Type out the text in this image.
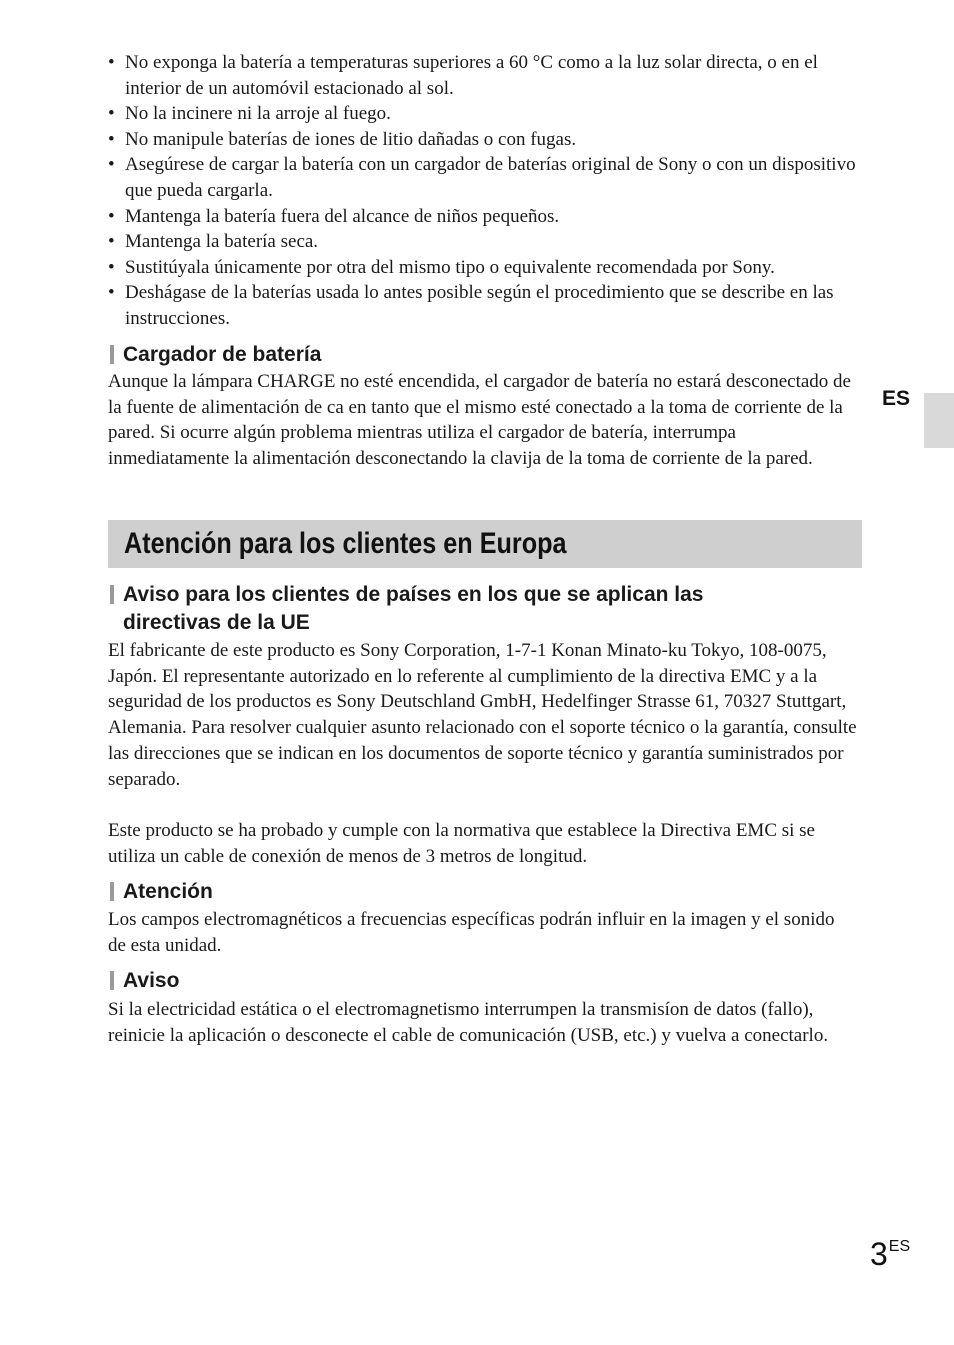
• No exponga la batería a temperaturas superiores a 60 °C como a la luz solar directa, o en el interior de un automóvil estacionado al sol.
• No la incinere ni la arroje al fuego.
• No manipule baterías de iones de litio dañadas o con fugas.
• Asegúrese de cargar la batería con un cargador de baterías original de Sony o con un dispositivo que pueda cargarla.
• Mantenga la batería fuera del alcance de niños pequeños.
• Mantenga la batería seca.
• Sustitúyala únicamente por otra del mismo tipo o equivalente recomendada por Sony.
• Deshágase de la baterías usada lo antes posible según el procedimiento que se describe en las instrucciones.
Cargador de batería
Aunque la lámpara CHARGE no esté encendida, el cargador de batería no estará desconectado de la fuente de alimentación de ca en tanto que el mismo esté conectado a la toma de corriente de la pared. Si ocurre algún problema mientras utiliza el cargador de batería, interrumpa inmediatamente la alimentación desconectando la clavija de la toma de corriente de la pared.
ES
Atención para los clientes en Europa
Aviso para los clientes de países en los que se aplican las directivas de la UE
El fabricante de este producto es Sony Corporation, 1-7-1 Konan Minato-ku Tokyo, 108-0075, Japón. El representante autorizado en lo referente al cumplimiento de la directiva EMC y a la seguridad de los productos es Sony Deutschland GmbH, Hedelfinger Strasse 61, 70327 Stuttgart, Alemania. Para resolver cualquier asunto relacionado con el soporte técnico o la garantía, consulte las direcciones que se indican en los documentos de soporte técnico y garantía suministrados por separado.
Este producto se ha probado y cumple con la normativa que establece la Directiva EMC si se utiliza un cable de conexión de menos de 3 metros de longitud.
Atención
Los campos electromagnéticos a frecuencias específicas podrán influir en la imagen y el sonido de esta unidad.
Aviso
Si la electricidad estática o el electromagnetismo interrumpen la transmisíon de datos (fallo), reinicie la aplicación o desconecte el cable de comunicación (USB, etc.) y vuelva a conectarlo.
3ES
